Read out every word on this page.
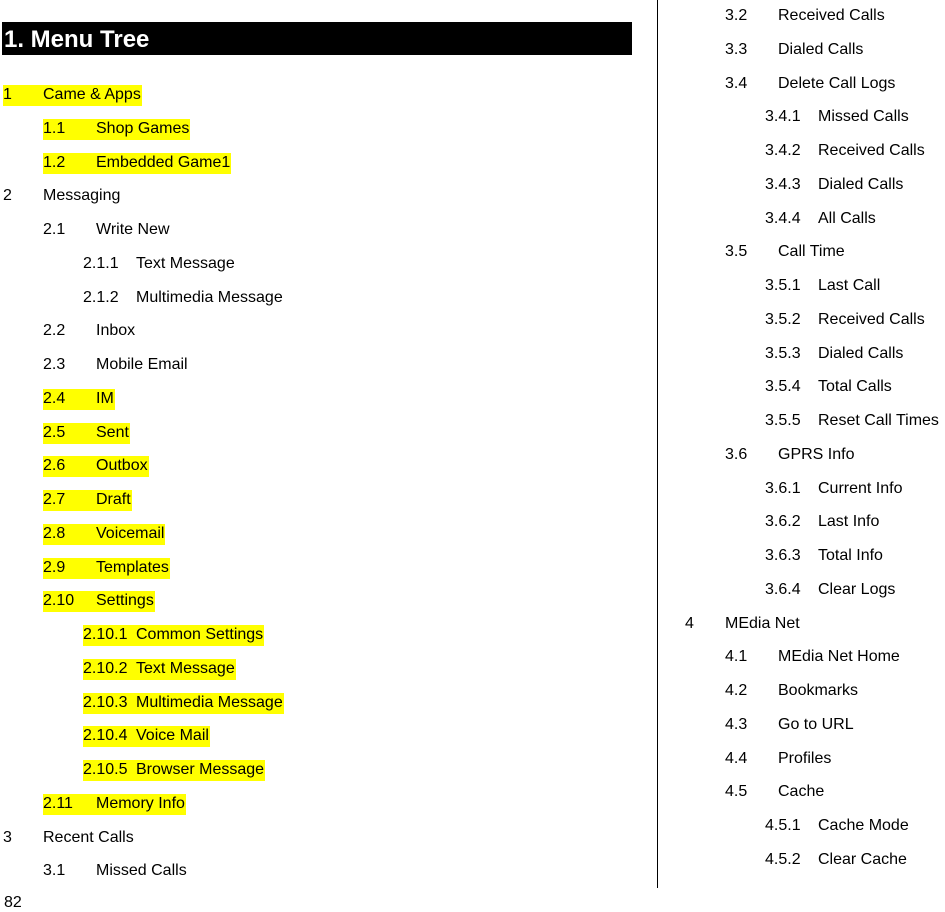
1. Menu Tree
1	Came & Apps
1.1	Shop Games
1.2	Embedded Game1
2	Messaging
2.1	Write New
2.1.1	Text Message
2.1.2	Multimedia Message
2.2	Inbox
2.3	Mobile Email
2.4	IM
2.5	Sent
2.6	Outbox
2.7	Draft
2.8	Voicemail
2.9	Templates
2.10	Settings
2.10.1 Common Settings
2.10.2 Text Message
2.10.3 Multimedia Message
2.10.4 Voice Mail
2.10.5 Browser Message
2.11	Memory Info
3	Recent Calls
3.1	Missed Calls
3.2	Received Calls
3.3	Dialed Calls
3.4	Delete Call Logs
3.4.1	Missed Calls
3.4.2	Received Calls
3.4.3	Dialed Calls
3.4.4	All Calls
3.5	Call Time
3.5.1	Last Call
3.5.2	Received Calls
3.5.3	Dialed Calls
3.5.4	Total Calls
3.5.5	Reset Call Times
3.6	GPRS Info
3.6.1	Current Info
3.6.2	Last Info
3.6.3	Total Info
3.6.4	Clear Logs
4	MEdia Net
4.1	MEdia Net Home
4.2	Bookmarks
4.3	Go to URL
4.4	Profiles
4.5	Cache
4.5.1	Cache Mode
4.5.2	Clear Cache
82
